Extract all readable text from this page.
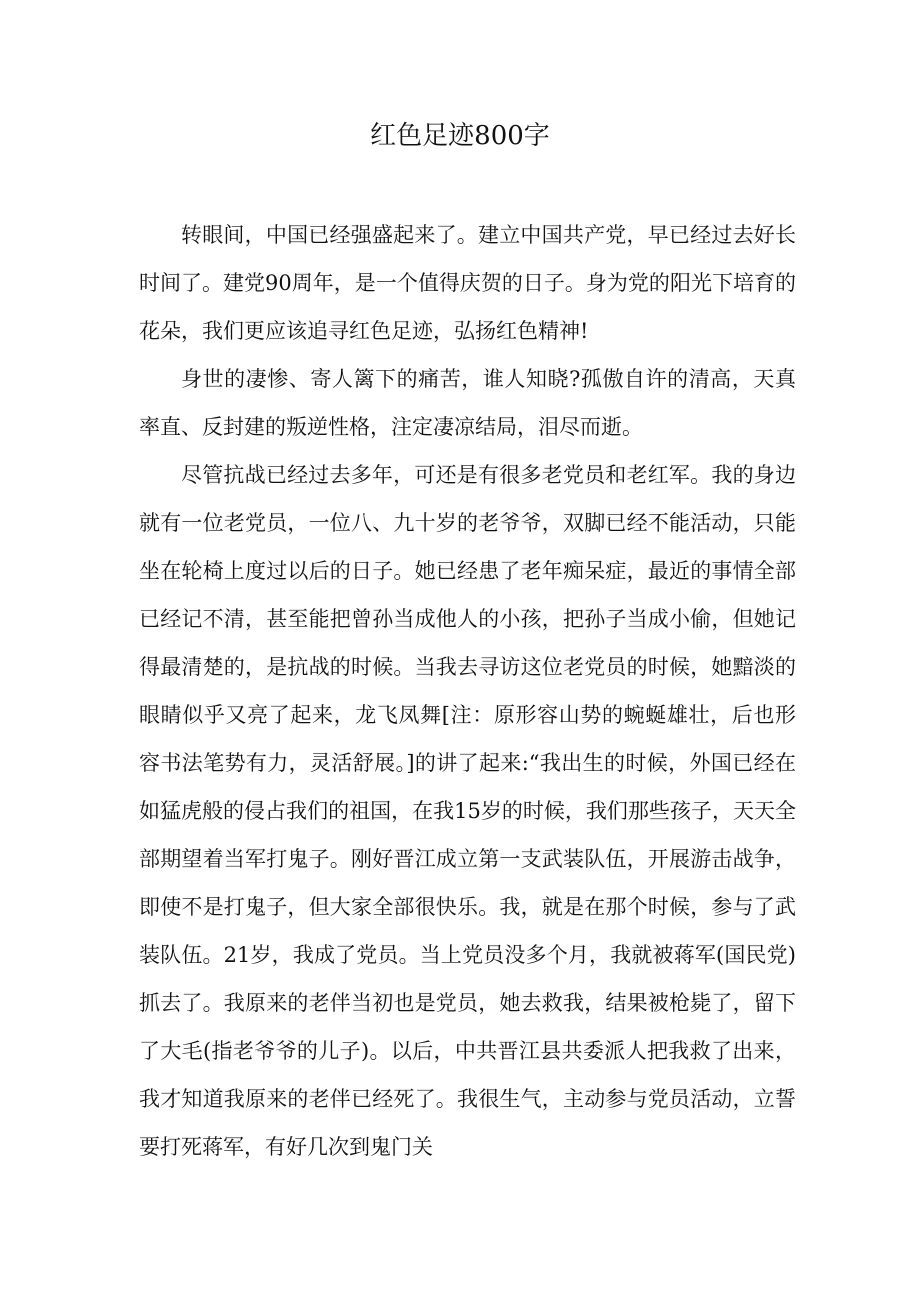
红色足迹800字

转眼间，中国已经强盛起来了。建立中国共产党，早已经过去好长时间了。建党90周年，是一个值得庆贺的日子。身为党的阳光下培育的花朵，我们更应该追寻红色足迹，弘扬红色精神!

身世的凄惨、寄人篱下的痛苦，谁人知晓?孤傲自许的清高，天真率直、反封建的叛逆性格，注定凄凉结局，泪尽而逝。

尽管抗战已经过去多年，可还是有很多老党员和老红军。我的身边就有一位老党员，一位八、九十岁的老爷爷，双脚已经不能活动，只能坐在轮椅上度过以后的日子。她已经患了老年痴呆症，最近的事情全部已经记不清，甚至能把曾孙当成他人的小孩，把孙子当成小偷，但她记得最清楚的，是抗战的时候。当我去寻访这位老党员的时候，她黯淡的眼睛似乎又亮了起来，龙飞凤舞[注：原形容山势的蜿蜒雄壮，后也形容书法笔势有力，灵活舒展。]的讲了起来:“我出生的时候，外国已经在如猛虎般的侵占我们的祖国，在我15岁的时候，我们那些孩子，天天全部期望着当军打鬼子。刚好晋江成立第一支武装队伍，开展游击战争，即使不是打鬼子，但大家全部很快乐。我，就是在那个时候，参与了武装队伍。21岁，我成了党员。当上党员没多个月，我就被蒋军(国民党)抓去了。我原来的老伴当初也是党员，她去救我，结果被枪毙了，留下了大毛(指老爷爷的儿子)。以后，中共晋江县共委派人把我救了出来，我才知道我原来的老伴已经死了。我很生气，主动参与党员活动，立誓要打死蒋军，有好几次到鬼门关
